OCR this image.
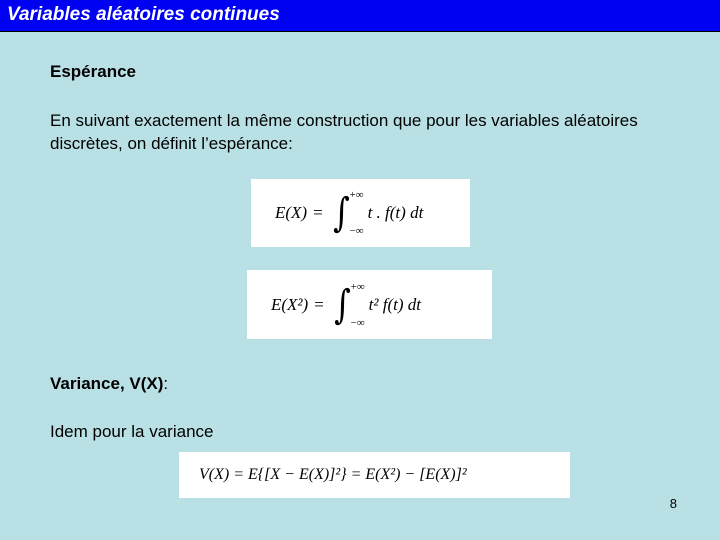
Variables aléatoires continues
Espérance
En suivant exactement la même construction que pour les variables aléatoires discrètes, on définit l’espérance:
E(X) = ∫ +∞
−∞
t . f(t) dt
E(X²) = ∫ +∞
−∞
t² f(t) dt
Variance, V(X):
Idem pour la variance
V(X) = E{[X − E(X)]²} = E(X²) − [E(X)]²
8
